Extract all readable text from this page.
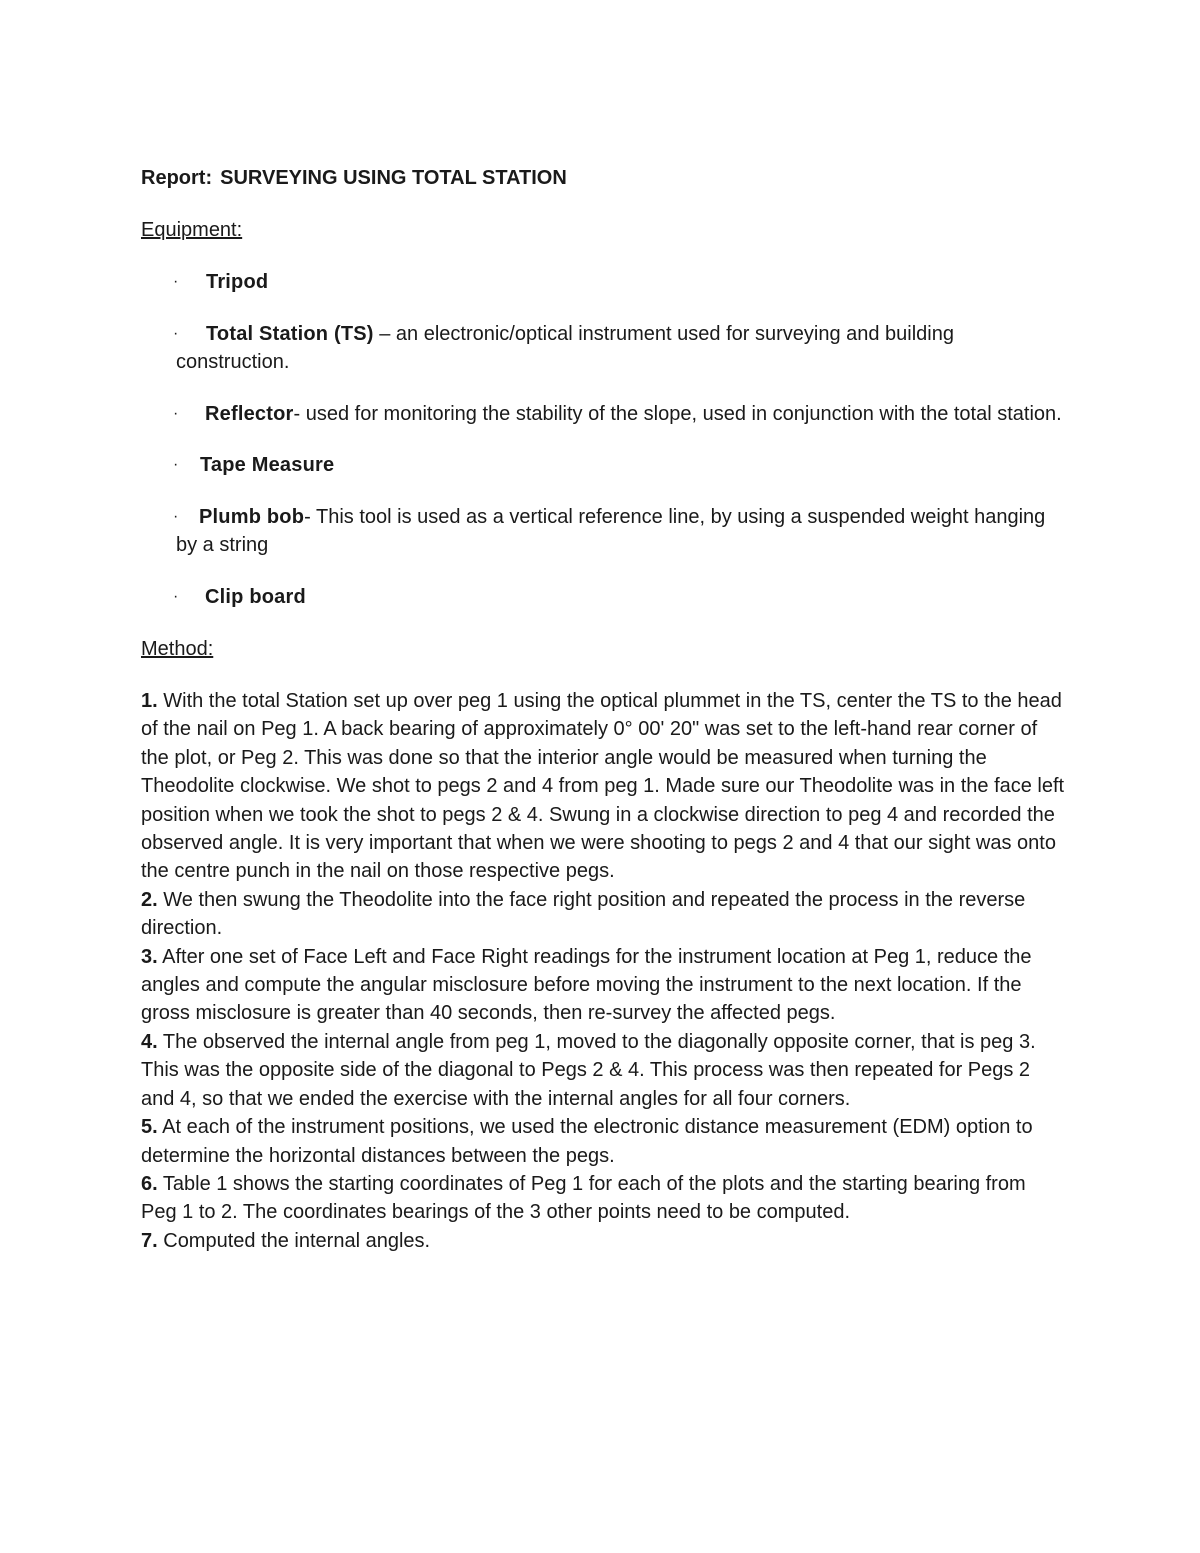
Report: SURVEYING USING TOTAL STATION
Equipment:
·	Tripod
·	Total Station (TS) – an electronic/optical instrument used for surveying and building construction.
·	Reflector- used for monitoring the stability of the slope, used in conjunction with the total station.
·	Tape Measure
·	Plumb bob- This tool is used as a vertical reference line, by using a suspended weight hanging by a string
·	Clip board
Method:

1. With the total Station set up over peg 1 using the optical plummet in the TS, center the TS to the head of the nail on Peg 1. A back bearing of approximately 0° 00' 20" was set to the left-hand rear corner of the plot, or Peg 2. This was done so that the interior angle would be measured when turning the Theodolite clockwise. We shot to pegs 2 and 4 from peg 1. Made sure our Theodolite was in the face left position when we took the shot to pegs 2 & 4. Swung in a clockwise direction to peg 4 and recorded the observed angle. It is very important that when we were shooting to pegs 2 and 4 that our sight was onto the centre punch in the nail on those respective pegs.

2. We then swung the Theodolite into the face right position and repeated the process in the reverse direction.

3. After one set of Face Left and Face Right readings for the instrument location at Peg 1, reduce the angles and compute the angular misclosure before moving the instrument to the next location. If the gross misclosure is greater than 40 seconds, then re-survey the affected pegs.

4. The observed the internal angle from peg 1, moved to the diagonally opposite corner, that is peg 3. This was the opposite side of the diagonal to Pegs 2 & 4. This process was then repeated for Pegs 2 and 4, so that we ended the exercise with the internal angles for all four corners.

5. At each of the instrument positions, we used the electronic distance measurement (EDM) option to determine the horizontal distances between the pegs.

6. Table 1 shows the starting coordinates of Peg 1 for each of the plots and the starting bearing from Peg 1 to 2. The coordinates bearings of the 3 other points need to be computed.

7. Computed the internal angles.
